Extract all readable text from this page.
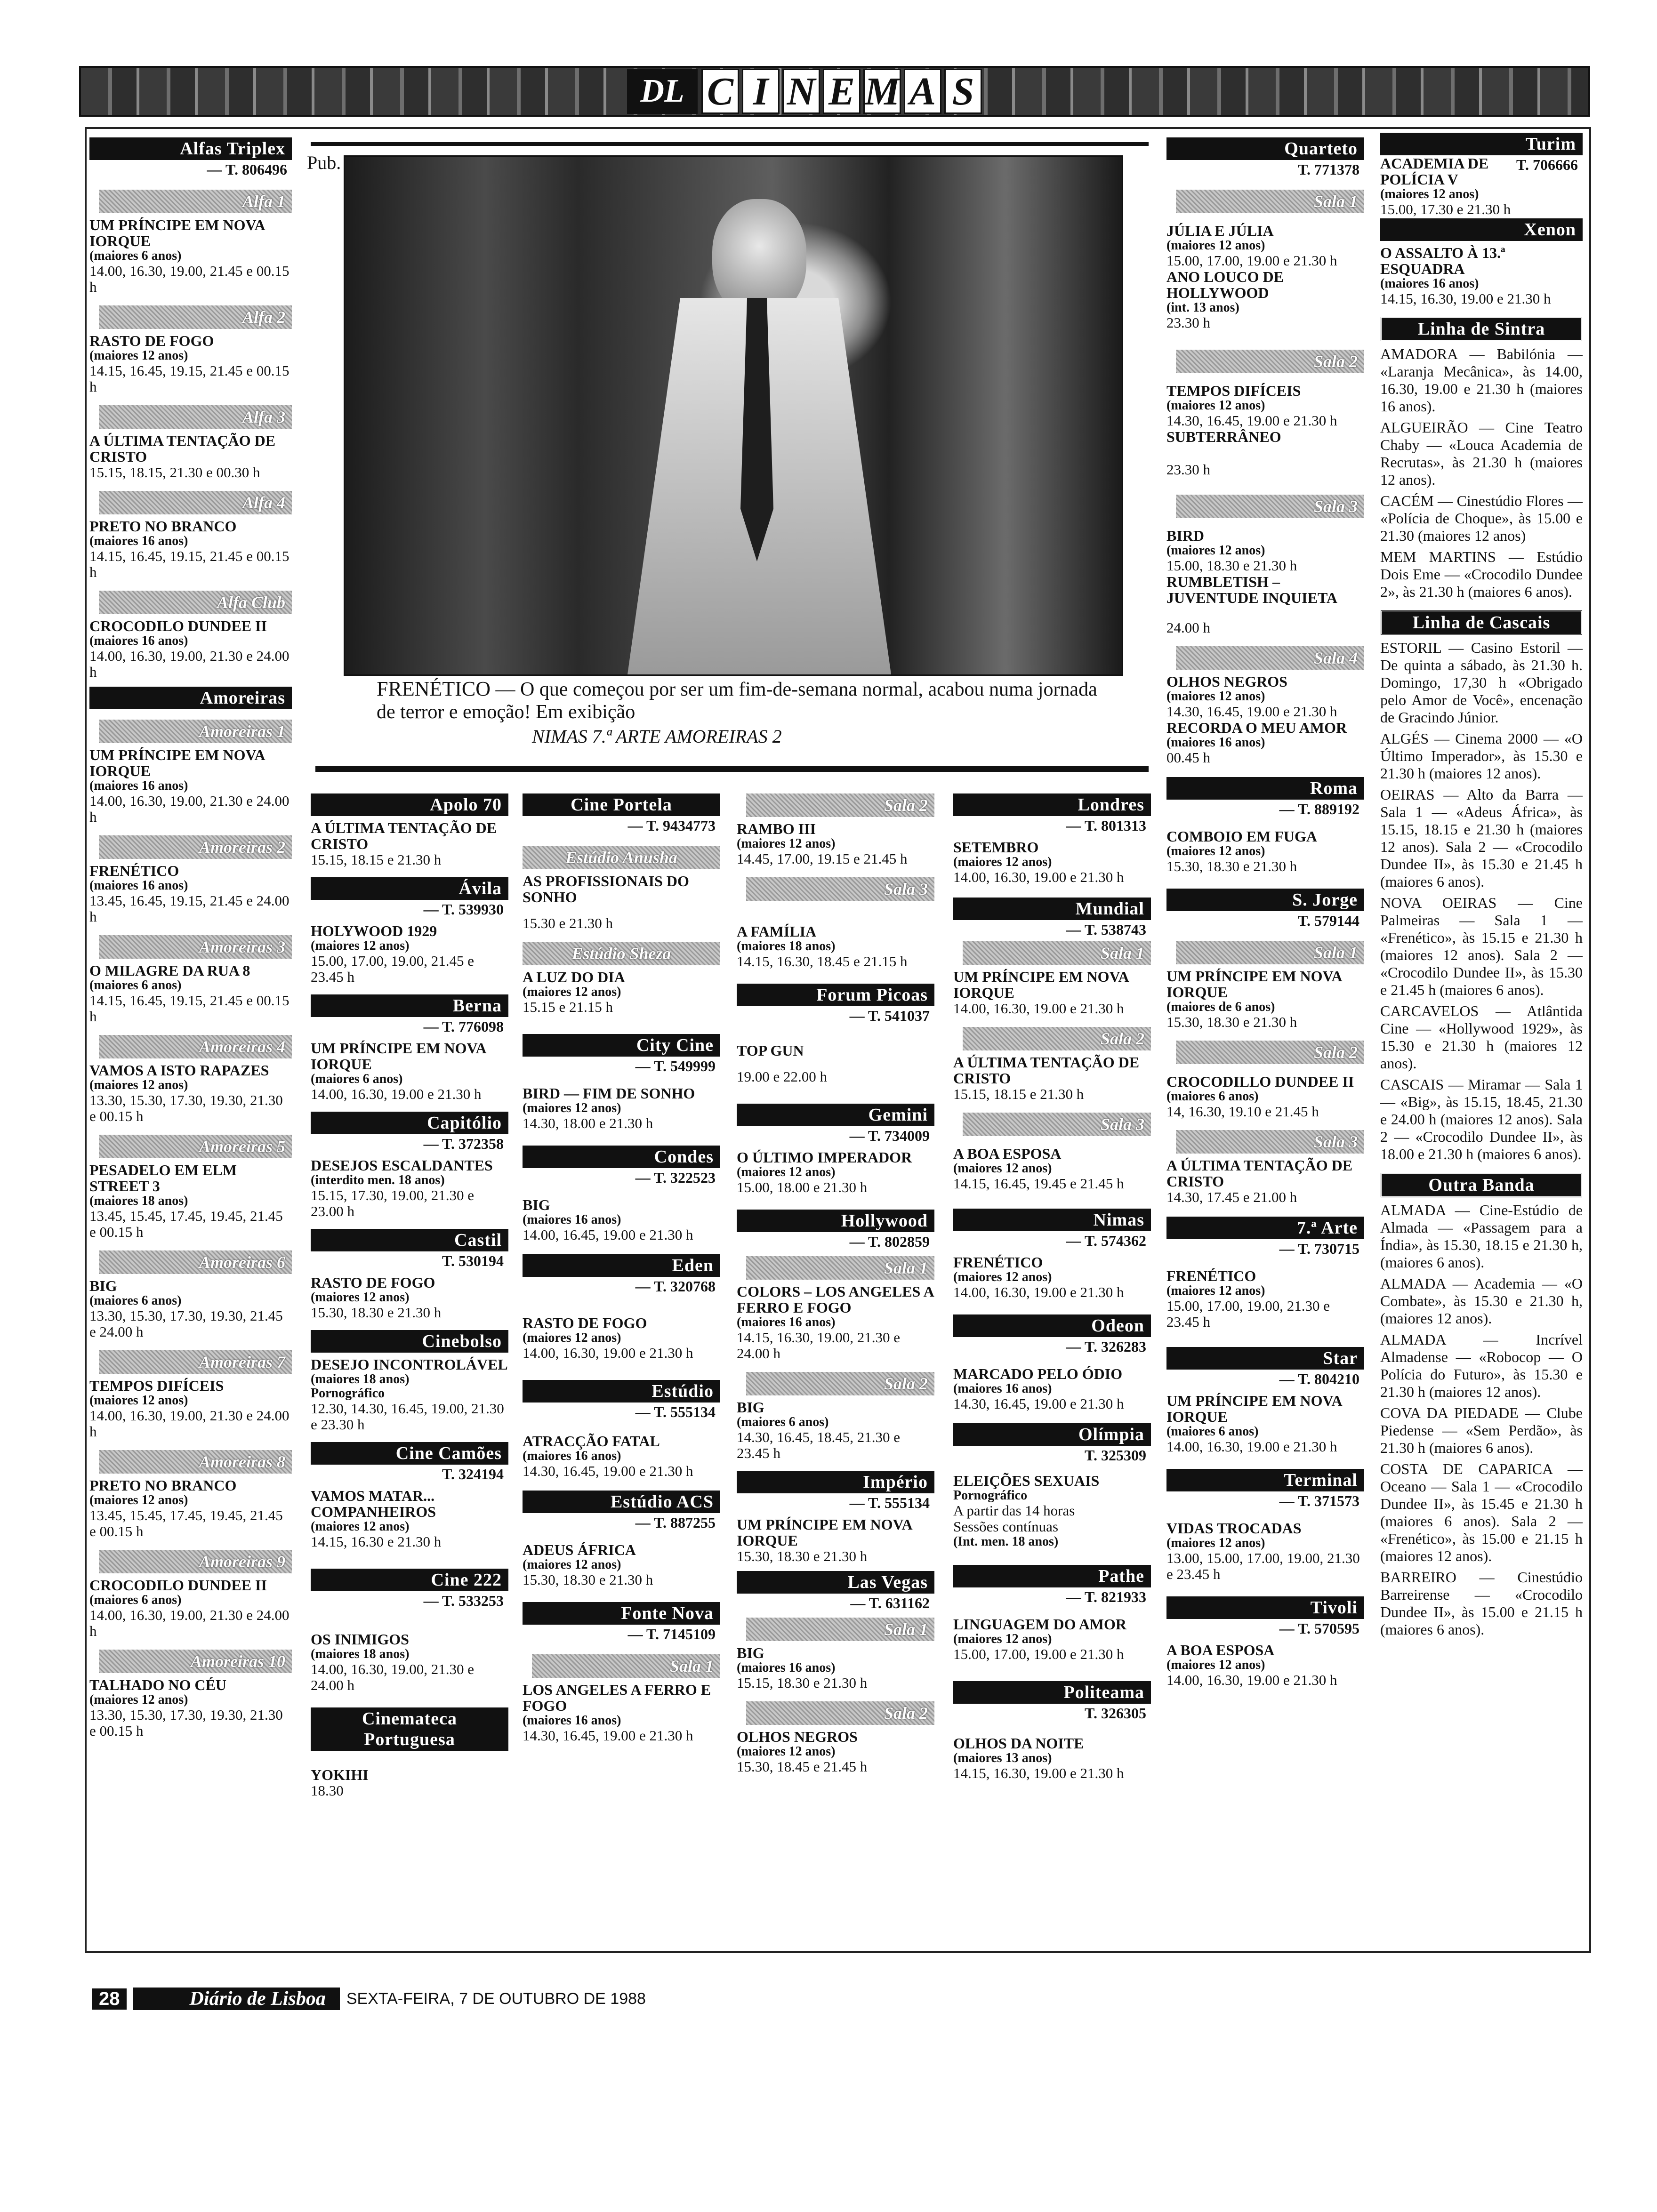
DL C I N E M A S
Pub.
FRENÉTICO — O que começou por ser um fim-de-semana normal, acabou numa jornada de terror e emoção! Em exibição
NIMAS 7.ª ARTE AMOREIRAS 2
Alfas Triplex
— T. 806496
Alfa 1
UM PRÍNCIPE EM NOVA IORQUE
(maiores 6 anos)
14.00, 16.30, 19.00, 21.45 e 00.15 h
Alfa 2
RASTO DE FOGO
(maiores 12 anos)
14.15, 16.45, 19.15, 21.45 e 00.15 h
Alfa 3
A ÚLTIMA TENTAÇÃO DE CRISTO
15.15, 18.15, 21.30 e 00.30 h
Alfa 4
PRETO NO BRANCO
(maiores 16 anos)
14.15, 16.45, 19.15, 21.45 e 00.15 h
Alfa Club
CROCODILO DUNDEE II
(maiores 16 anos)
14.00, 16.30, 19.00, 21.30 e 24.00 h
Amoreiras
Amoreiras 1
UM PRÍNCIPE EM NOVA IORQUE
(maiores 16 anos)
14.00, 16.30, 19.00, 21.30 e 24.00 h
Amoreiras 2
FRENÉTICO
(maiores 16 anos)
13.45, 16.45, 19.15, 21.45 e 24.00 h
Amoreiras 3
O MILAGRE DA RUA 8
(maiores 6 anos)
14.15, 16.45, 19.15, 21.45 e 00.15 h
Amoreiras 4
VAMOS A ISTO RAPAZES
(maiores 12 anos)
13.30, 15.30, 17.30, 19.30, 21.30 e 00.15 h
Amoreiras 5
PESADELO EM ELM STREET 3
(maiores 18 anos)
13.45, 15.45, 17.45, 19.45, 21.45 e 00.15 h
Amoreiras 6
BIG
(maiores 6 anos)
13.30, 15.30, 17.30, 19.30, 21.45 e 24.00 h
Amoreiras 7
TEMPOS DIFÍCEIS
(maiores 12 anos)
14.00, 16.30, 19.00, 21.30 e 24.00 h
Amoreiras 8
PRETO NO BRANCO
(maiores 12 anos)
13.45, 15.45, 17.45, 19.45, 21.45 e 00.15 h
Amoreiras 9
CROCODILO DUNDEE II
(maiores 6 anos)
14.00, 16.30, 19.00, 21.30 e 24.00 h
Amoreiras 10
TALHADO NO CÉU
(maiores 12 anos)
13.30, 15.30, 17.30, 19.30, 21.30 e 00.15 h
Apolo 70
A ÚLTIMA TENTAÇÃO DE CRISTO
15.15, 18.15 e 21.30 h
Ávila
— T. 539930
HOLYWOOD 1929
(maiores 12 anos)
15.00, 17.00, 19.00, 21.45 e 23.45 h
Berna
— T. 776098
UM PRÍNCIPE EM NOVA IORQUE
(maiores 6 anos)
14.00, 16.30, 19.00 e 21.30 h
Capitólio
— T. 372358
DESEJOS ESCALDANTES
(interdito men. 18 anos)
15.15, 17.30, 19.00, 21.30 e 23.00 h
Castil
T. 530194
RASTO DE FOGO
(maiores 12 anos)
15.30, 18.30 e 21.30 h
Cinebolso
DESEJO INCONTROLÁVEL
(maiores 18 anos)
Pornográfico
12.30, 14.30, 16.45, 19.00, 21.30 e 23.30 h
Cine Camões
T. 324194
VAMOS MATAR... COMPANHEIROS
(maiores 12 anos)
14.15, 16.30 e 21.30 h
Cine 222
— T. 533253
OS INIMIGOS
(maiores 18 anos)
14.00, 16.30, 19.00, 21.30 e 24.00 h
Cinemateca Portuguesa
YOKIHI
18.30
Cine Portela
— T. 9434773
Estúdio Anusha
AS PROFISSIONAIS DO SONHO
15.30 e 21.30 h
Estúdio Sheza
A LUZ DO DIA
(maiores 12 anos)
15.15 e 21.15 h
City Cine
— T. 549999
BIRD — FIM DE SONHO
(maiores 12 anos)
14.30, 18.00 e 21.30 h
Condes
— T. 322523
BIG
(maiores 16 anos)
14.00, 16.45, 19.00 e 21.30 h
Eden
— T. 320768
RASTO DE FOGO
(maiores 12 anos)
14.00, 16.30, 19.00 e 21.30 h
Estúdio
— T. 555134
ATRACÇÃO FATAL
(maiores 16 anos)
14.30, 16.45, 19.00 e 21.30 h
Estúdio ACS
— T. 887255
ADEUS ÁFRICA
(maiores 12 anos)
15.30, 18.30 e 21.30 h
Fonte Nova
— T. 7145109
Sala 1
LOS ANGELES A FERRO E FOGO
(maiores 16 anos)
14.30, 16.45, 19.00 e 21.30 h
Sala 2
RAMBO III
(maiores 12 anos)
14.45, 17.00, 19.15 e 21.45 h
Sala 3
A FAMÍLIA
(maiores 18 anos)
14.15, 16.30, 18.45 e 21.15 h
Forum Picoas
— T. 541037
TOP GUN
19.00 e 22.00 h
Gemini
— T. 734009
O ÚLTIMO IMPERADOR
(maiores 12 anos)
15.00, 18.00 e 21.30 h
Hollywood
— T. 802859
Sala 1
COLORS – LOS ANGELES A FERRO E FOGO
(maiores 16 anos)
14.15, 16.30, 19.00, 21.30 e 24.00 h
Sala 2
BIG
(maiores 6 anos)
14.30, 16.45, 18.45, 21.30 e 23.45 h
Império
— T. 555134
UM PRÍNCIPE EM NOVA IORQUE
15.30, 18.30 e 21.30 h
Las Vegas
— T. 631162
Sala 1
BIG
(maiores 16 anos)
15.15, 18.30 e 21.30 h
Sala 2
OLHOS NEGROS
(maiores 12 anos)
15.30, 18.45 e 21.45 h
Londres
— T. 801313
SETEMBRO
(maiores 12 anos)
14.00, 16.30, 19.00 e 21.30 h
Mundial
— T. 538743
Sala 1
UM PRÍNCIPE EM NOVA IORQUE
14.00, 16.30, 19.00 e 21.30 h
Sala 2
A ÚLTIMA TENTAÇÃO DE CRISTO
15.15, 18.15 e 21.30 h
Sala 3
A BOA ESPOSA
(maiores 12 anos)
14.15, 16.45, 19.45 e 21.45 h
Nimas
— T. 574362
FRENÉTICO
(maiores 12 anos)
14.00, 16.30, 19.00 e 21.30 h
Odeon
— T. 326283
MARCADO PELO ÓDIO
(maiores 16 anos)
14.30, 16.45, 19.00 e 21.30 h
Olímpia
T. 325309
ELEIÇÕES SEXUAIS
Pornográfico
A partir das 14 horas
Sessões contínuas
(Int. men. 18 anos)
Pathe
— T. 821933
LINGUAGEM DO AMOR
(maiores 12 anos)
15.00, 17.00, 19.00 e 21.30 h
Politeama
T. 326305
OLHOS DA NOITE
(maiores 13 anos)
14.15, 16.30, 19.00 e 21.30 h
Quarteto
T. 771378
Sala 1
JÚLIA E JÚLIA
(maiores 12 anos)
15.00, 17.00, 19.00 e 21.30 h
ANO LOUCO DE HOLLYWOOD
(int. 13 anos)
23.30 h
Sala 2
TEMPOS DIFÍCEIS
(maiores 12 anos)
14.30, 16.45, 19.00 e 21.30 h
SUBTERRÂNEO
23.30 h
Sala 3
BIRD
(maiores 12 anos)
15.00, 18.30 e 21.30 h
RUMBLETISH – JUVENTUDE INQUIETA
24.00 h
Sala 4
OLHOS NEGROS
(maiores 12 anos)
14.30, 16.45, 19.00 e 21.30 h
RECORDA O MEU AMOR
(maiores 16 anos)
00.45 h
Roma
— T. 889192
COMBOIO EM FUGA
(maiores 12 anos)
15.30, 18.30 e 21.30 h
S. Jorge
T. 579144
Sala 1
UM PRÍNCIPE EM NOVA IORQUE
(maiores de 6 anos)
15.30, 18.30 e 21.30 h
Sala 2
CROCODILLO DUNDEE II
(maiores 6 anos)
14, 16.30, 19.10 e 21.45 h
Sala 3
A ÚLTIMA TENTAÇÃO DE CRISTO
14.30, 17.45 e 21.00 h
7.ª Arte
— T. 730715
FRENÉTICO
(maiores 12 anos)
15.00, 17.00, 19.00, 21.30 e 23.45 h
Star
— T. 804210
UM PRÍNCIPE EM NOVA IORQUE
(maiores 6 anos)
14.00, 16.30, 19.00 e 21.30 h
Terminal
— T. 371573
VIDAS TROCADAS
(maiores 12 anos)
13.00, 15.00, 17.00, 19.00, 21.30 e 23.45 h
Tivoli
— T. 570595
A BOA ESPOSA
(maiores 12 anos)
14.00, 16.30, 19.00 e 21.30 h
Turim
ACADEMIA DE POLÍCIA V
T. 706666
(maiores 12 anos)
15.00, 17.30 e 21.30 h
Xenon
O ASSALTO À 13.ª ESQUADRA
(maiores 16 anos)
14.15, 16.30, 19.00 e 21.30 h
Linha de Sintra
AMADORA — Babilónia — «Laranja Mecânica», às 14.00, 16.30, 19.00 e 21.30 h (maiores 16 anos).
ALGUEIRÃO — Cine Teatro Chaby — «Louca Academia de Recrutas», às 21.30 h (maiores 12 anos).
CACÉM — Cinestúdio Flores — «Polícia de Choque», às 15.00 e 21.30 (maiores 12 anos)
MEM MARTINS — Estúdio Dois Eme — «Crocodilo Dundee 2», às 21.30 h (maiores 6 anos).
Linha de Cascais
ESTORIL — Casino Estoril — De quinta a sábado, às 21.30 h. Domingo, 17,30 h «Obrigado pelo Amor de Você», encenação de Gracindo Júnior.
ALGÉS — Cinema 2000 — «O Último Imperador», às 15.30 e 21.30 h (maiores 12 anos).
OEIRAS — Alto da Barra — Sala 1 — «Adeus África», às 15.15, 18.15 e 21.30 h (maiores 12 anos). Sala 2 — «Crocodilo Dundee II», às 15.30 e 21.45 h (maiores 6 anos).
NOVA OEIRAS — Cine Palmeiras — Sala 1 — «Frenético», às 15.15 e 21.30 h (maiores 12 anos). Sala 2 — «Crocodilo Dundee II», às 15.30 e 21.45 h (maiores 6 anos).
CARCAVELOS — Atlântida Cine — «Hollywood 1929», às 15.30 e 21.30 h (maiores 12 anos).
CASCAIS — Miramar — Sala 1 — «Big», às 15.15, 18.45, 21.30 e 24.00 h (maiores 12 anos). Sala 2 — «Crocodilo Dundee II», às 18.00 e 21.30 h (maiores 6 anos).
Outra Banda
ALMADA — Cine-Estúdio de Almada — «Passagem para a Índia», às 15.30, 18.15 e 21.30 h, (maiores 6 anos).
ALMADA — Academia — «O Combate», às 15.30 e 21.30 h, (maiores 12 anos).
ALMADA — Incrível Almadense — «Robocop — O Polícia do Futuro», às 15.30 e 21.30 h (maiores 12 anos).
COVA DA PIEDADE — Clube Piedense — «Sem Perdão», às 21.30 h (maiores 6 anos).
COSTA DE CAPARICA — Oceano — Sala 1 — «Crocodilo Dundee II», às 15.45 e 21.30 h (maiores 6 anos). Sala 2 — «Frenético», às 15.00 e 21.15 h (maiores 12 anos).
BARREIRO — Cinestúdio Barreirense — «Crocodilo Dundee II», às 15.00 e 21.15 h (maiores 6 anos).
28	Diário de Lisboa	SEXTA-FEIRA, 7 DE OUTUBRO DE 1988
